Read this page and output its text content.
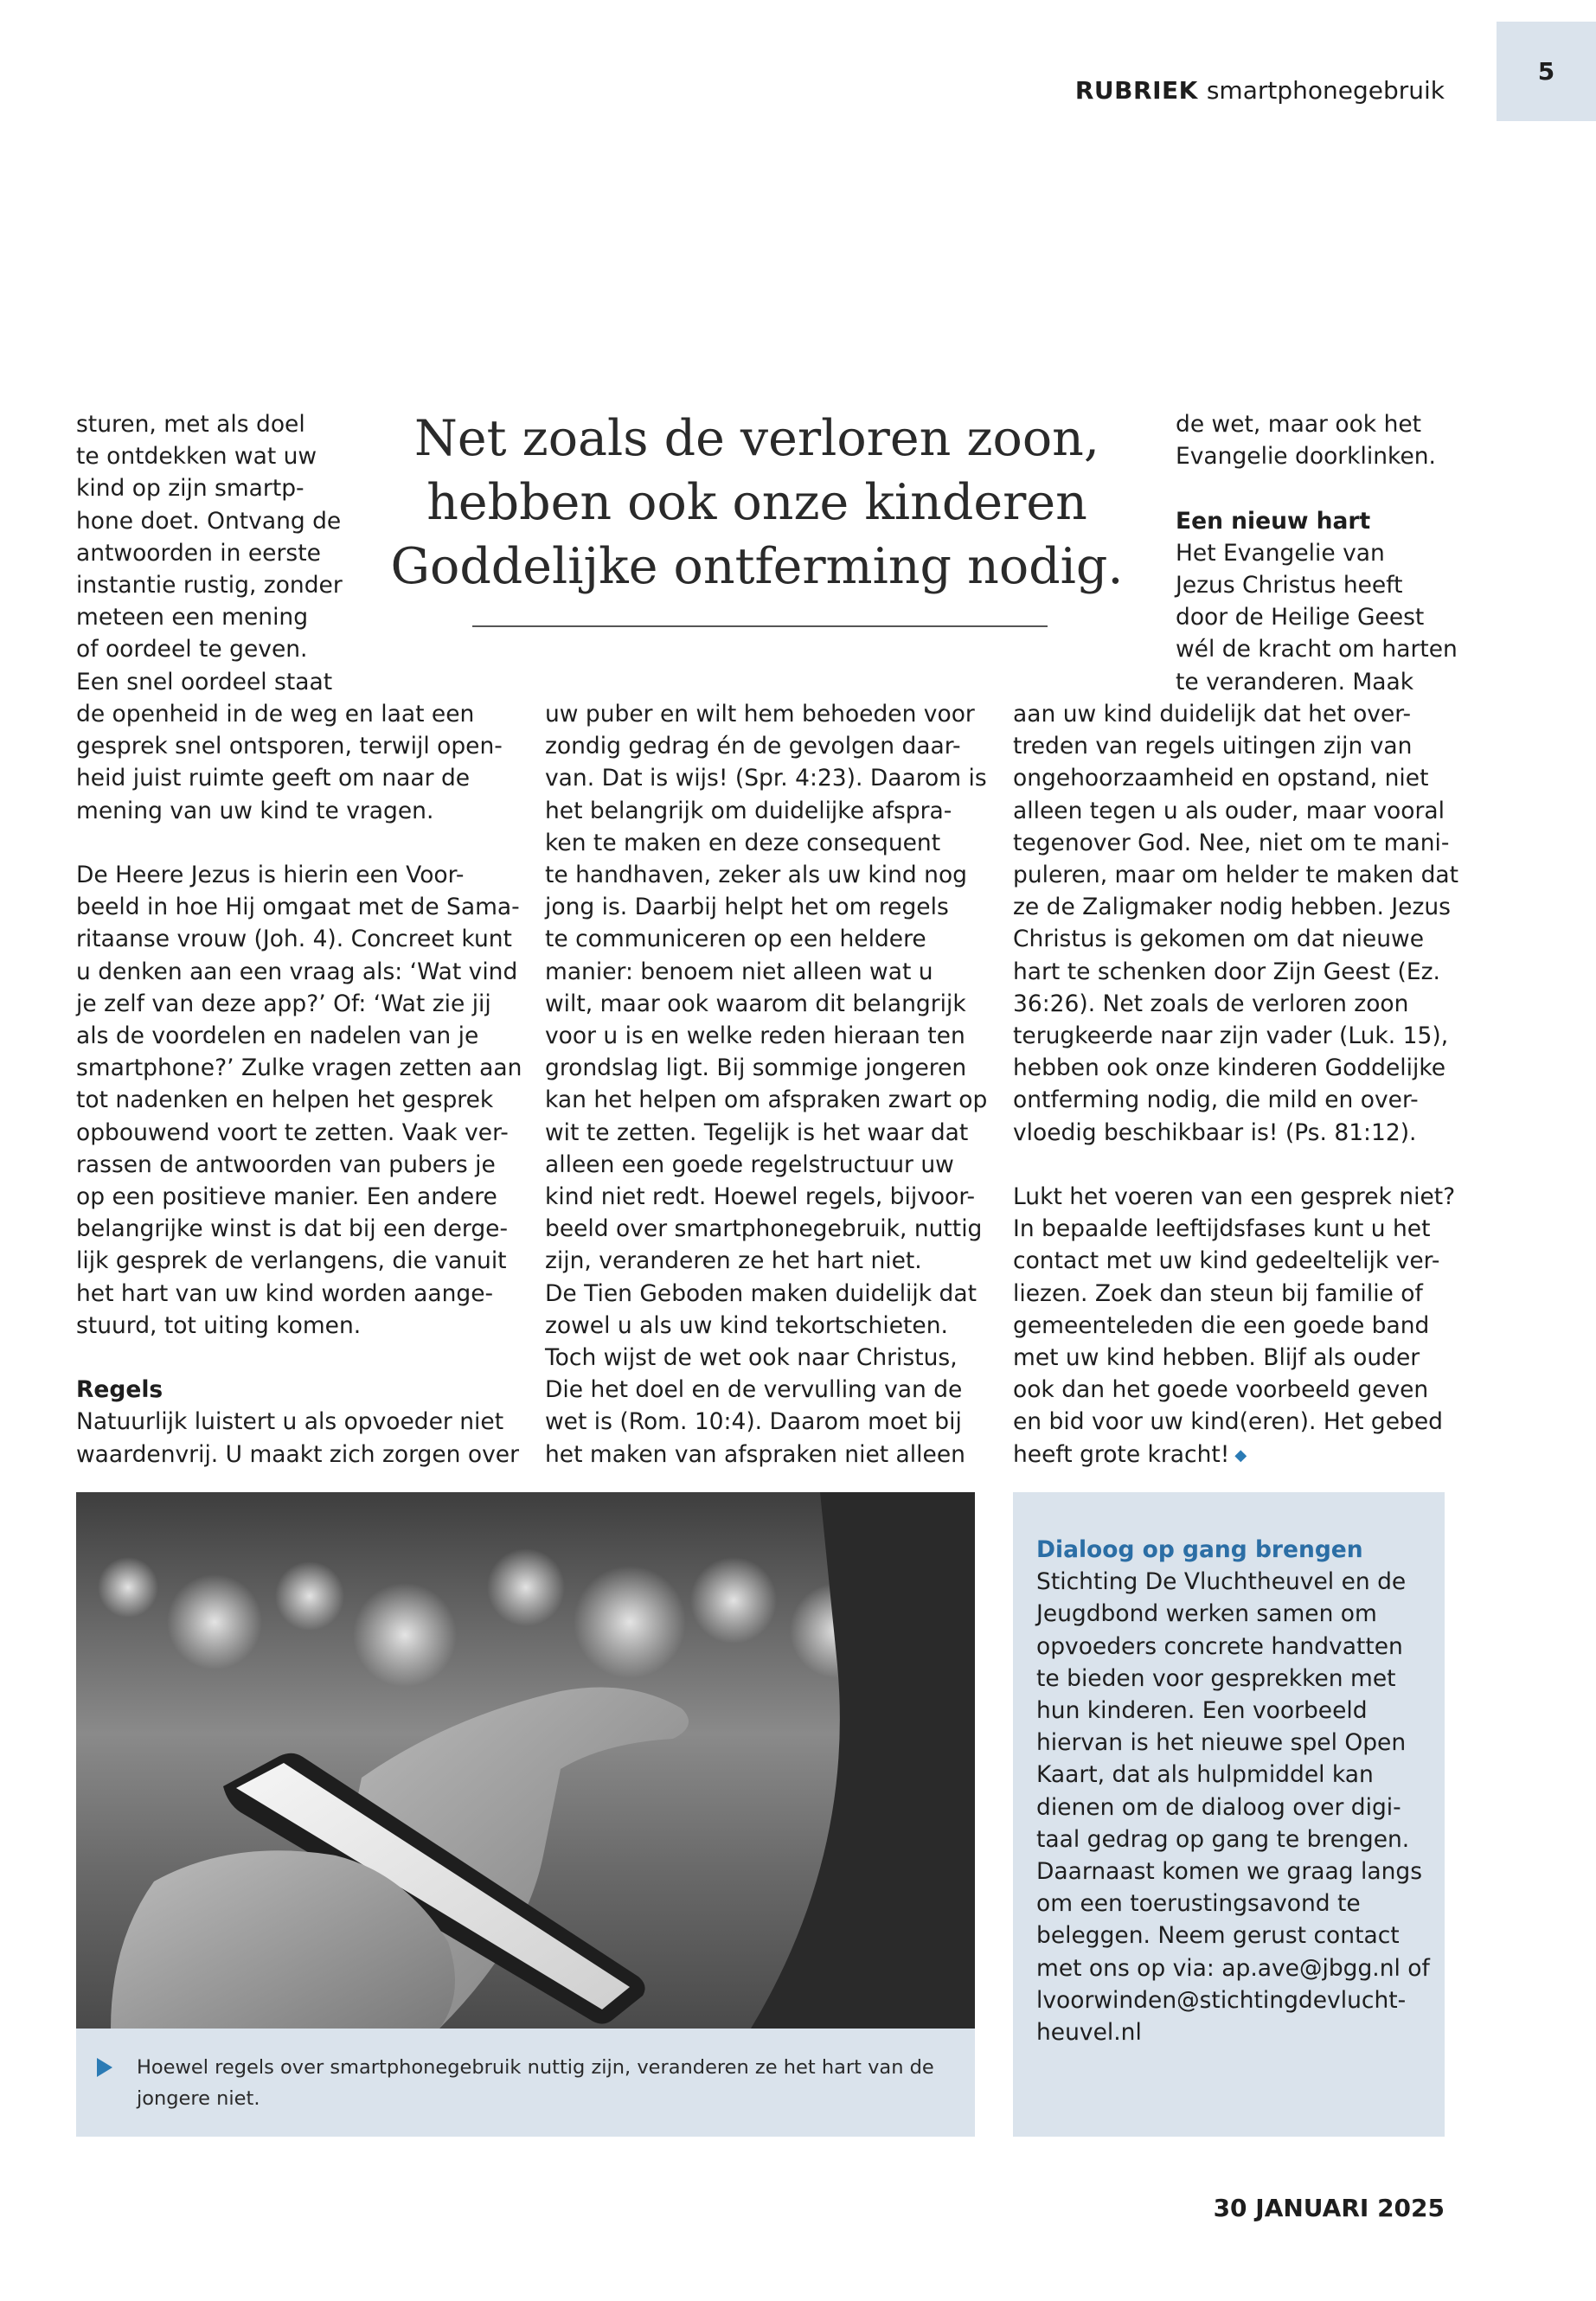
5
RUBRIEK smartphonegebruik

Net zoals de verloren zoon,

hebben ook onze kinderen

Goddelijke ontferming nodig.

sturen, met als doel

te ontdekken wat uw

kind op zijn smartp-

hone doet. Ontvang de

antwoorden in eerste

instantie rustig, zonder

meteen een mening

of oordeel te geven.

Een snel oordeel staat

de openheid in de weg en laat een

gesprek snel ontsporen, terwijl open-

heid juist ruimte geeft om naar de

mening van uw kind te vragen.

De Heere Jezus is hierin een Voor-

beeld in hoe Hij omgaat met de Sama-

ritaanse vrouw (Joh. 4). Concreet kunt

u denken aan een vraag als: ‘Wat vind

je zelf van deze app?’ Of: ‘Wat zie jij

als de voordelen en nadelen van je

smartphone?’ Zulke vragen zetten aan

tot nadenken en helpen het gesprek

opbouwend voort te zetten. Vaak ver-

rassen de antwoorden van pubers je

op een positieve manier. Een andere

belangrijke winst is dat bij een derge-

lijk gesprek de verlangens, die vanuit

het hart van uw kind worden aange-

stuurd, tot uiting komen.

Regels

Natuurlijk luistert u als opvoeder niet

waardenvrij. U maakt zich zorgen over

uw puber en wilt hem behoeden voor

zondig gedrag én de gevolgen daar-

van. Dat is wijs! (Spr. 4:23). Daarom is

het belangrijk om duidelijke afspra-

ken te maken en deze consequent

te handhaven, zeker als uw kind nog

jong is. Daarbij helpt het om regels

te communiceren op een heldere

manier: benoem niet alleen wat u

wilt, maar ook waarom dit belangrijk

voor u is en welke reden hieraan ten

grondslag ligt. Bij sommige jongeren

kan het helpen om afspraken zwart op

wit te zetten. Tegelijk is het waar dat

alleen een goede regelstructuur uw

kind niet redt. Hoewel regels, bijvoor-

beeld over smartphonegebruik, nuttig

zijn, veranderen ze het hart niet.

De Tien Geboden maken duidelijk dat

zowel u als uw kind tekortschieten.

Toch wijst de wet ook naar Christus,

Die het doel en de vervulling van de

wet is (Rom. 10:4). Daarom moet bij

het maken van afspraken niet alleen

de wet, maar ook het

Evangelie doorklinken.

Een nieuw hart

Het Evangelie van

Jezus Christus heeft

door de Heilige Geest

wél de kracht om harten

te veranderen. Maak

aan uw kind duidelijk dat het over-

treden van regels uitingen zijn van

ongehoorzaamheid en opstand, niet

alleen tegen u als ouder, maar vooral

tegenover God. Nee, niet om te mani-

puleren, maar om helder te maken dat

ze de Zaligmaker nodig hebben. Jezus

Christus is gekomen om dat nieuwe

hart te schenken door Zijn Geest (Ez.

36:26). Net zoals de verloren zoon

terugkeerde naar zijn vader (Luk. 15),

hebben ook onze kinderen Goddelijke

ontferming nodig, die mild en over-

vloedig beschikbaar is! (Ps. 81:12).

Lukt het voeren van een gesprek niet?

In bepaalde leeftijdsfases kunt u het

contact met uw kind gedeeltelijk ver-

liezen. Zoek dan steun bij familie of

gemeenteleden die een goede band

met uw kind hebben. Blijf als ouder

ook dan het goede voorbeeld geven

en bid voor uw kind(eren). Het gebed

heeft grote kracht! ◆

Hoewel regels over smartphonegebruik nuttig zijn, veranderen ze het hart van de

jongere niet.

Dialoog op gang brengen

Stichting De Vluchtheuvel en de

Jeugdbond werken samen om

opvoeders concrete handvatten

te bieden voor gesprekken met

hun kinderen. Een voorbeeld

hiervan is het nieuwe spel Open

Kaart, dat als hulpmiddel kan

dienen om de dialoog over digi-

taal gedrag op gang te brengen.

Daarnaast komen we graag langs

om een toerustingsavond te

beleggen. Neem gerust contact

met ons op via: ap.ave@jbgg.nl of

lvoorwinden@stichtingdevlucht-

heuvel.nl

30 JANUARI 2025
